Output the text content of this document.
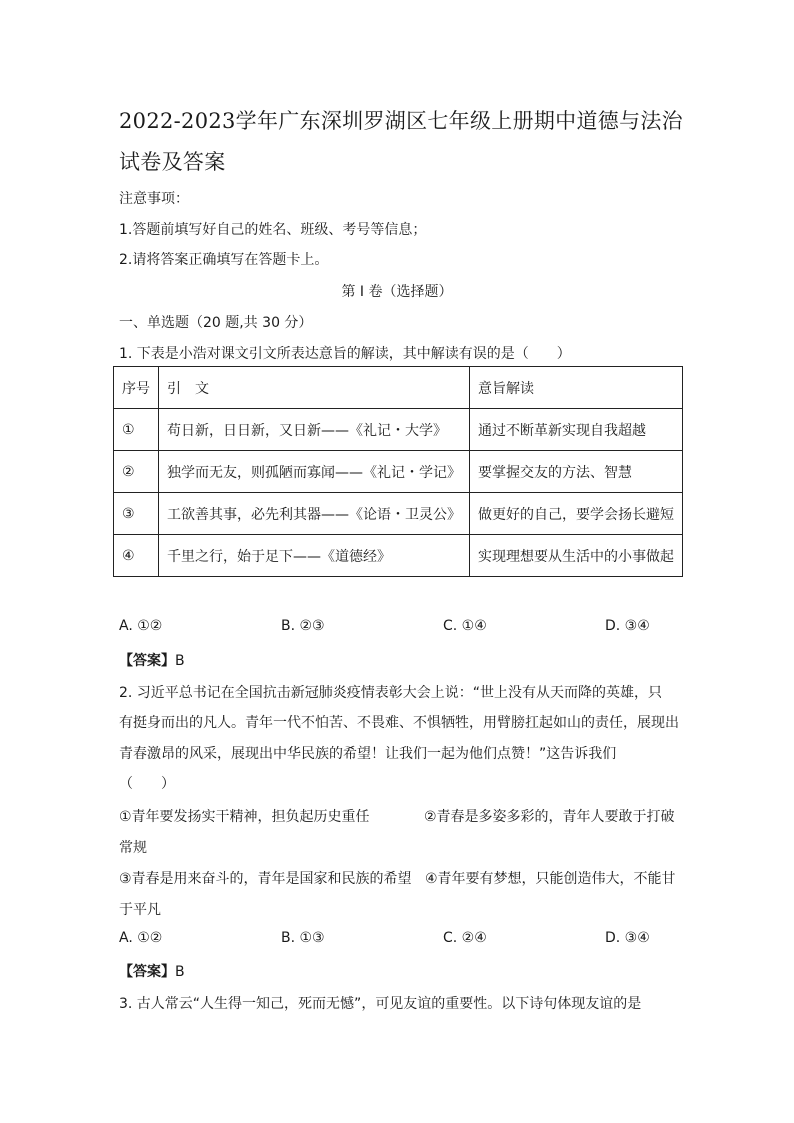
2022-2023学年广东深圳罗湖区七年级上册期中道德与法治
试卷及答案
注意事项：
1.答题前填写好自己的姓名、班级、考号等信息；
2.请将答案正确填写在答题卡上。
第 I 卷（选择题）
一、单选题（20 题,共 30 分）
1. 下表是小浩对课文引文所表达意旨的解读，其中解读有误的是（　　）
序号	引　文	意旨解读
①	苟日新，日日新，又日新——《礼记・大学》	通过不断革新实现自我超越
②	独学而无友，则孤陋而寡闻——《礼记・学记》	要掌握交友的方法、智慧
③	工欲善其事，必先利其器——《论语・卫灵公》	做更好的自己，要学会扬长避短
④	千里之行，始于足下——《道德经》	实现理想要从生活中的小事做起
A. ①②	B. ②③	C. ①④	D. ③④
【答案】B
2. 习近平总书记在全国抗击新冠肺炎疫情表彰大会上说：“世上没有从天而降的英雄，只
有挺身而出的凡人。青年一代不怕苦、不畏难、不惧牺牲，用臂膀扛起如山的责任，展现出
青春激昂的风采，展现出中华民族的希望！让我们一起为他们点赞！”这告诉我们
（　　）
①青年要发扬实干精神，担负起历史重任	②青春是多姿多彩的，青年人要敢于打破
常规
③青春是用来奋斗的，青年是国家和民族的希望 ④青年要有梦想，只能创造伟大，不能甘
于平凡
A. ①②	B. ①③	C. ②④	D. ③④
【答案】B
3. 古人常云“人生得一知己，死而无憾”，可见友谊的重要性。以下诗句体现友谊的是
